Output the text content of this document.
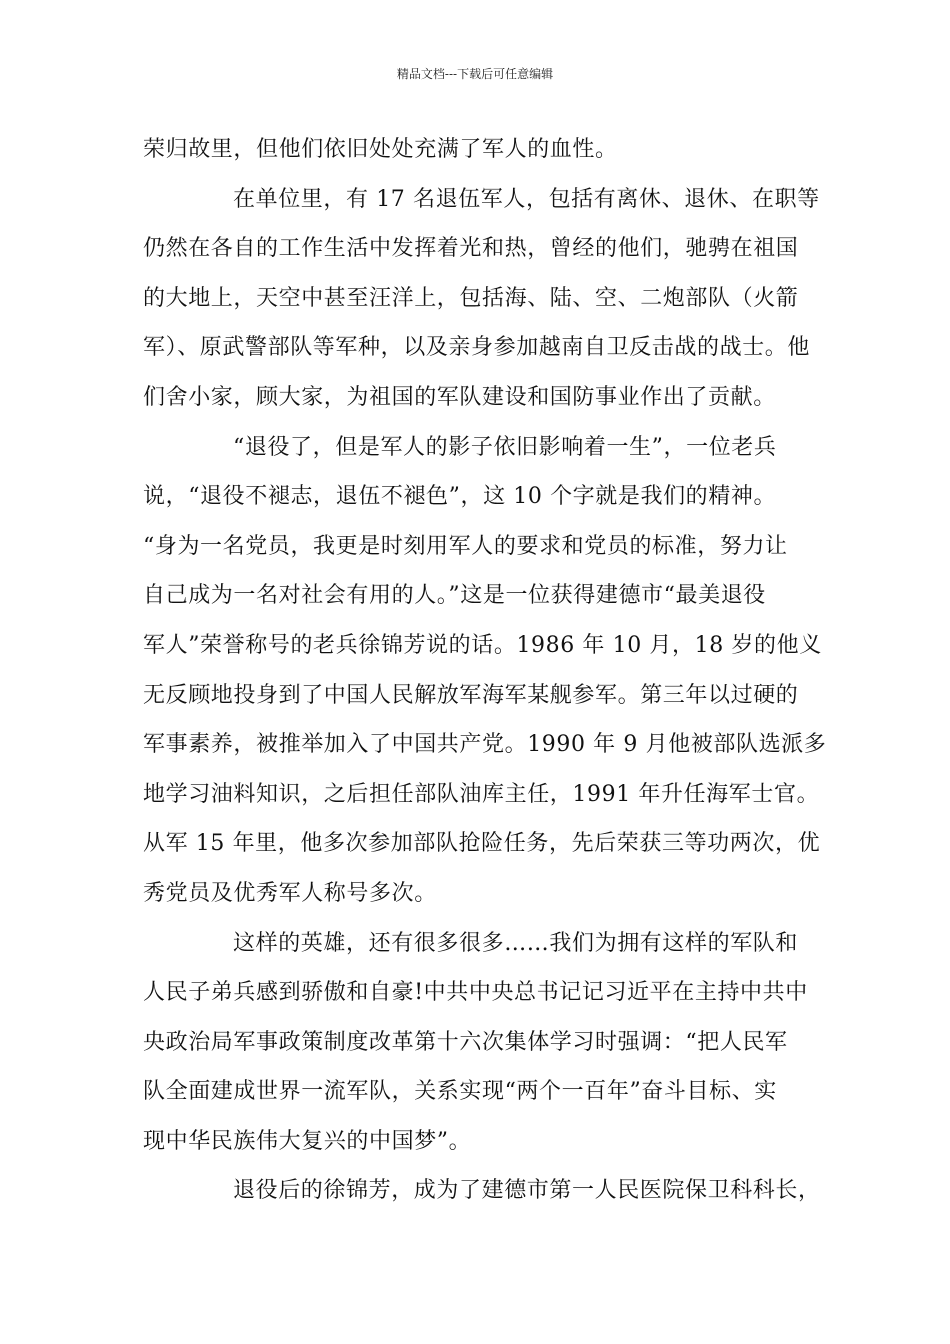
精品文档---下载后可任意编辑
荣归故里，但他们依旧处处充满了军人的血性。
在单位里，有 17 名退伍军人，包括有离休、退休、在职等
仍然在各自的工作生活中发挥着光和热，曾经的他们，驰骋在祖国
的大地上，天空中甚至汪洋上，包括海、陆、空、二炮部队（火箭
军）、原武警部队等军种，以及亲身参加越南自卫反击战的战士。他
们舍小家，顾大家，为祖国的军队建设和国防事业作出了贡献。
“退役了，但是军人的影子依旧影响着一生”，一位老兵
说，“退役不褪志，退伍不褪色”，这 10 个字就是我们的精神。
“身为一名党员，我更是时刻用军人的要求和党员的标准，努力让
自己成为一名对社会有用的人。”这是一位获得建德市“最美退役
军人”荣誉称号的老兵徐锦芳说的话。1986 年 10 月，18 岁的他义
无反顾地投身到了中国人民解放军海军某舰参军。第三年以过硬的
军事素养，被推举加入了中国共产党。1990 年 9 月他被部队选派多
地学习油料知识，之后担任部队油库主任，1991 年升任海军士官。
从军 15 年里，他多次参加部队抢险任务，先后荣获三等功两次，优
秀党员及优秀军人称号多次。
这样的英雄，还有很多很多……我们为拥有这样的军队和
人民子弟兵感到骄傲和自豪!中共中央总书记记习近平在主持中共中
央政治局军事政策制度改革第十六次集体学习时强调：“把人民军
队全面建成世界一流军队，关系实现“两个一百年”奋斗目标、实
现中华民族伟大复兴的中国梦”。
退役后的徐锦芳，成为了建德市第一人民医院保卫科科长，
